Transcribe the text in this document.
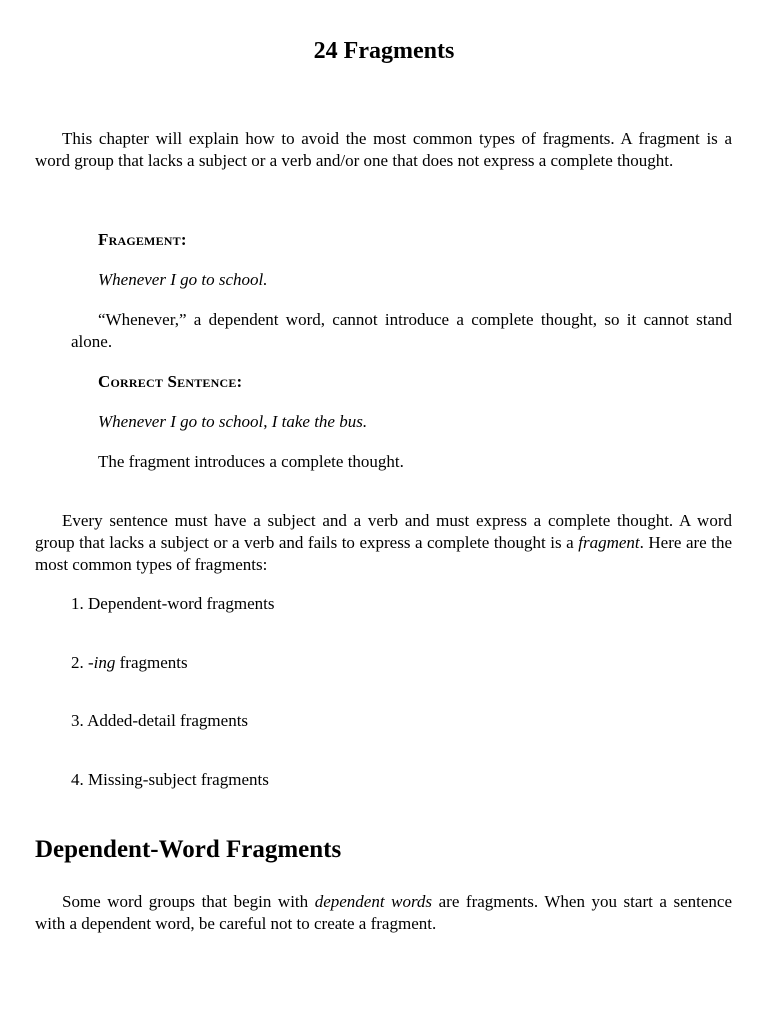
24 Fragments

This chapter will explain how to avoid the most common types of fragments. A fragment is a word group that lacks a subject or a verb and/or one that does not express a complete thought.

Fragement:

Whenever I go to school.

“Whenever,” a dependent word, cannot introduce a complete thought, so it cannot stand alone.

Correct Sentence:

Whenever I go to school, I take the bus.

The fragment introduces a complete thought.

Every sentence must have a subject and a verb and must express a complete thought. A word group that lacks a subject or a verb and fails to express a complete thought is a fragment. Here are the most common types of fragments:

1. Dependent-word fragments
2. -ing fragments
3. Added-detail fragments
4. Missing-subject fragments
Dependent-Word Fragments

Some word groups that begin with dependent words are fragments. When you start a sentence with a dependent word, be careful not to create a fragment.
